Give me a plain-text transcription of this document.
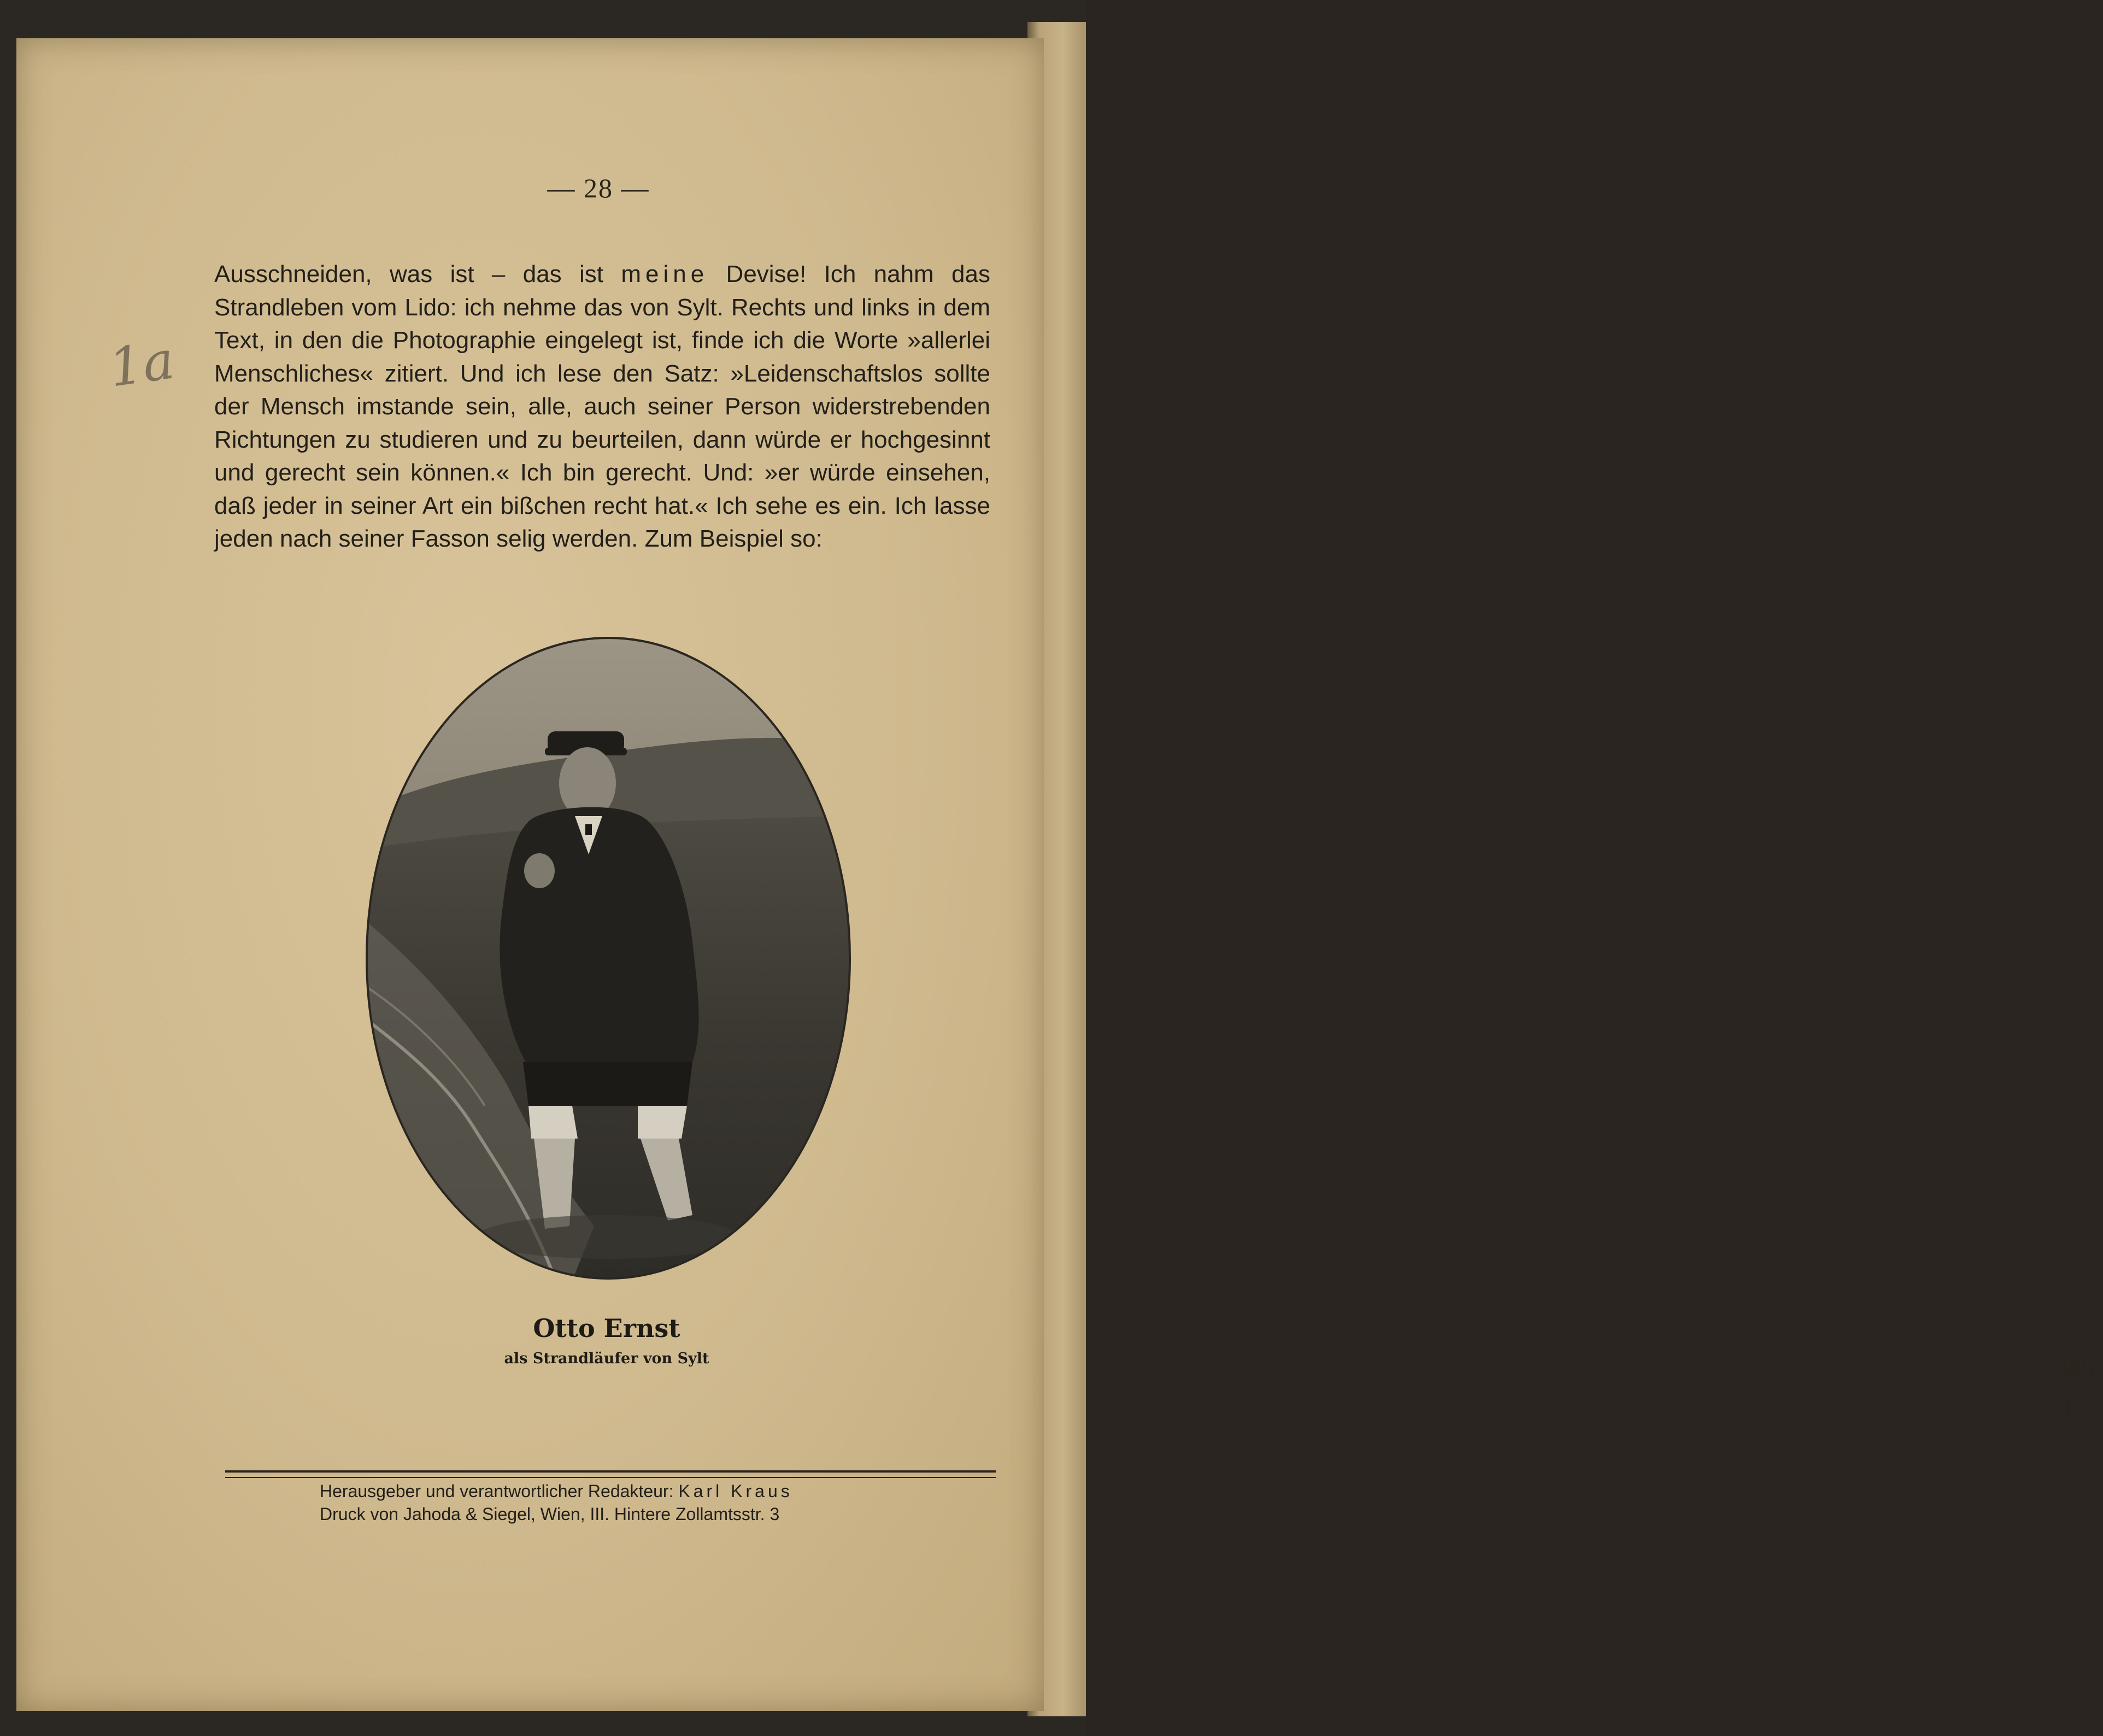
wi p
1a
— 28 —

Ausschneiden, was ist – das ist meine Devise! Ich nahm das Strandleben vom Lido: ich nehme das von Sylt. Rechts und links in dem Text, in den die Photographie eingelegt ist, finde ich die Worte »allerlei Menschliches« zitiert. Und ich lese den Satz: »Leidenschaftslos sollte der Mensch imstande sein, alle, auch seiner Person widerstrebenden Richtungen zu studieren und zu beurteilen, dann würde er hochgesinnt und gerecht sein können.« Ich bin gerecht. Und: »er würde einsehen, daß jeder in seiner Art ein bißchen recht hat.« Ich sehe es ein. Ich lasse jeden nach seiner Fasson selig werden. Zum Beispiel so:

Otto Ernst
als Strandläufer von Sylt
Herausgeber und verantwortlicher Redakteur: Karl Kraus
Druck von Jahoda & Siegel, Wien, III. Hintere Zollamtsstr. 3
